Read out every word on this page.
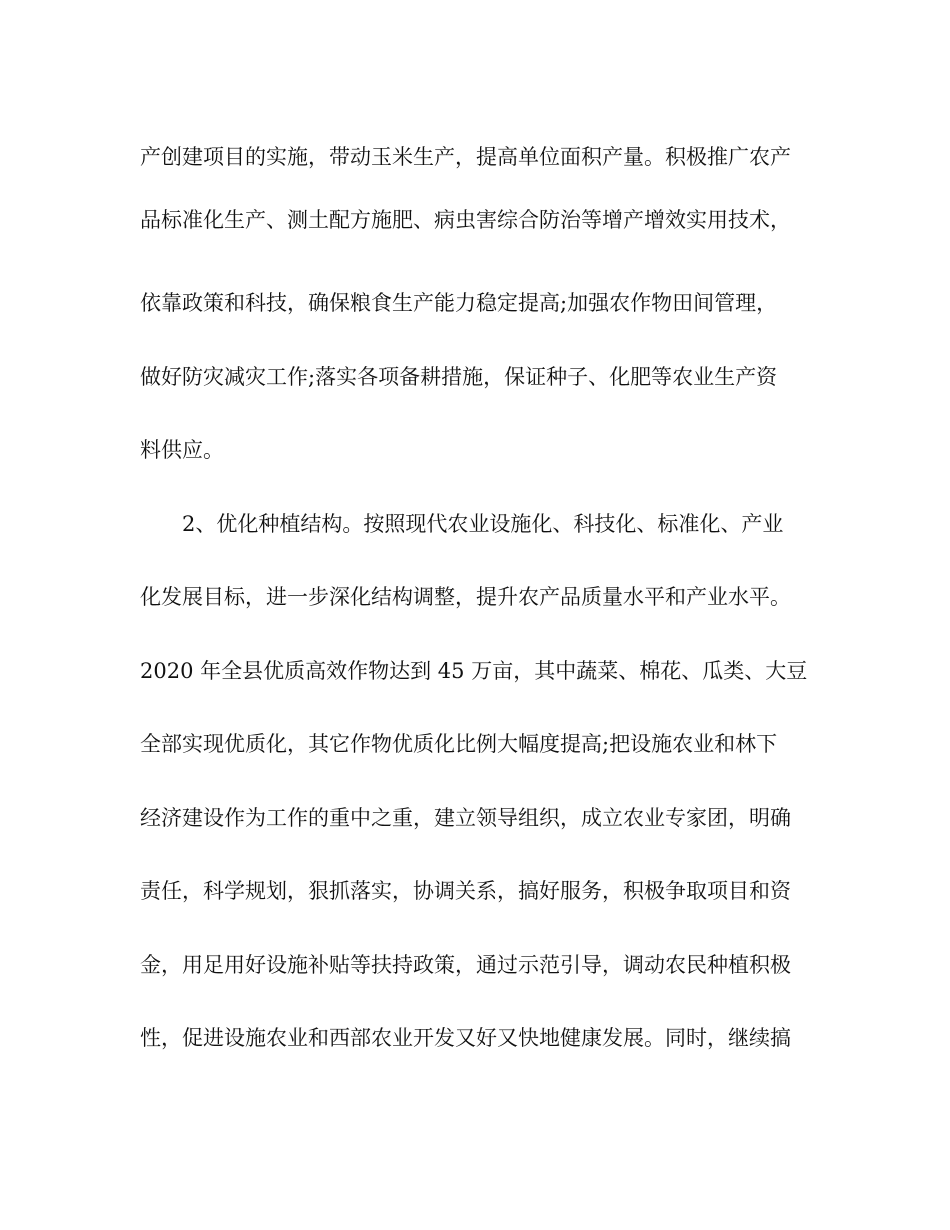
产创建项目的实施，带动玉米生产，提高单位面积产量。积极推广农产
品标准化生产、测土配方施肥、病虫害综合防治等增产增效实用技术，
依靠政策和科技，确保粮食生产能力稳定提高;加强农作物田间管理，
做好防灾减灾工作;落实各项备耕措施，保证种子、化肥等农业生产资
料供应。
2、优化种植结构。按照现代农业设施化、科技化、标准化、产业
化发展目标，进一步深化结构调整，提升农产品质量水平和产业水平。
2020 年全县优质高效作物达到 45 万亩，其中蔬菜、棉花、瓜类、大豆
全部实现优质化，其它作物优质化比例大幅度提高;把设施农业和林下
经济建设作为工作的重中之重，建立领导组织，成立农业专家团，明确
责任，科学规划，狠抓落实，协调关系，搞好服务，积极争取项目和资
金，用足用好设施补贴等扶持政策，通过示范引导，调动农民种植积极
性，促进设施农业和西部农业开发又好又快地健康发展。同时，继续搞
